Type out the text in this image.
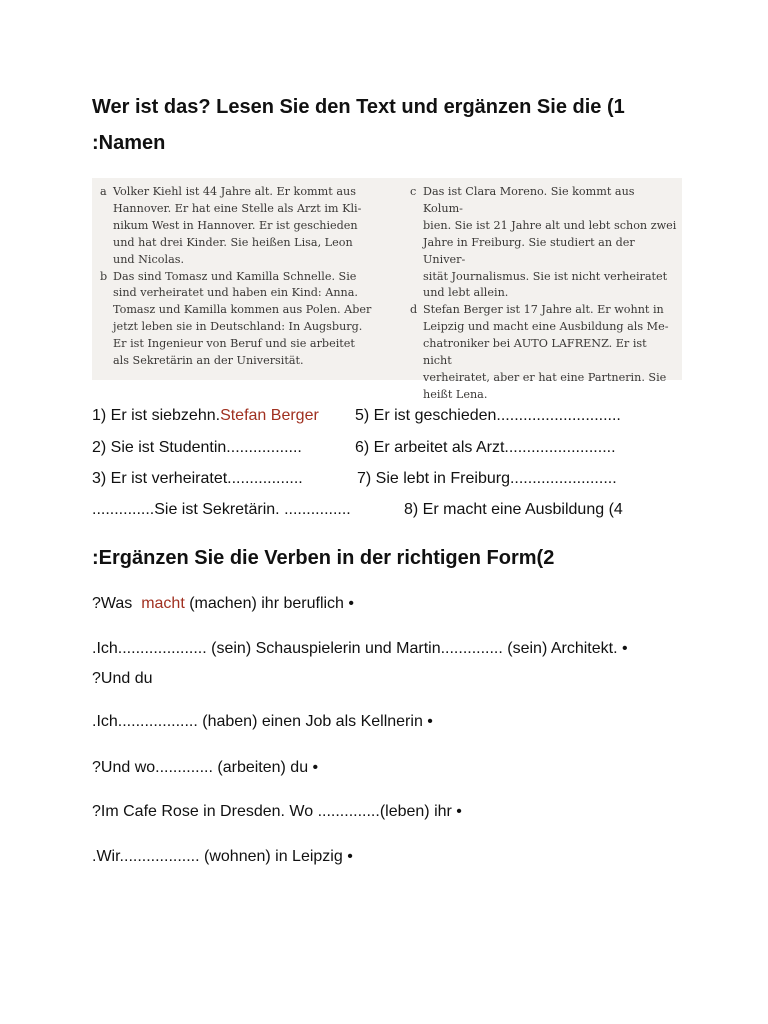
Wer ist das? Lesen Sie den Text und ergänzen Sie die (1
:Namen
a Volker Kiehl ist 44 Jahre alt. Er kommt aus

Hannover. Er hat eine Stelle als Arzt im Kli-

nikum West in Hannover. Er ist geschieden

und hat drei Kinder. Sie heißen Lisa, Leon

und Nicolas.

b Das sind Tomasz und Kamilla Schnelle. Sie

sind verheiratet und haben ein Kind: Anna.

Tomasz und Kamilla kommen aus Polen. Aber

jetzt leben sie in Deutschland: In Augsburg.

Er ist Ingenieur von Beruf und sie arbeitet

als Sekretärin an der Universität.

c Das ist Clara Moreno. Sie kommt aus Kolum-

bien. Sie ist 21 Jahre alt und lebt schon zwei

Jahre in Freiburg. Sie studiert an der Univer-

sität Journalismus. Sie ist nicht verheiratet

und lebt allein.

d Stefan Berger ist 17 Jahre alt. Er wohnt in

Leipzig und macht eine Ausbildung als Me-

chatroniker bei AUTO LAFRENZ. Er ist nicht

verheiratet, aber er hat eine Partnerin. Sie

heißt Lena.

1) Er ist siebzehn.Stefan Berger 5) Er ist geschieden............................
2) Sie ist Studentin.................	6) Er arbeitet als Arzt.........................
3) Er ist verheiratet.................	7) Sie lebt in Freiburg........................
..............Sie ist Sekretärin. ...............	8) Er macht eine Ausbildung (4
:Ergänzen Sie die Verben in der richtigen Form(2
?Was  macht (machen) ihr beruflich •
.Ich.................... (sein) Schauspielerin und Martin.............. (sein) Architekt. •
?Und du
.Ich.................. (haben) einen Job als Kellnerin •
?Und wo............. (arbeiten) du •
?Im Cafe Rose in Dresden. Wo ..............(leben) ihr •
.Wir.................. (wohnen) in Leipzig •
